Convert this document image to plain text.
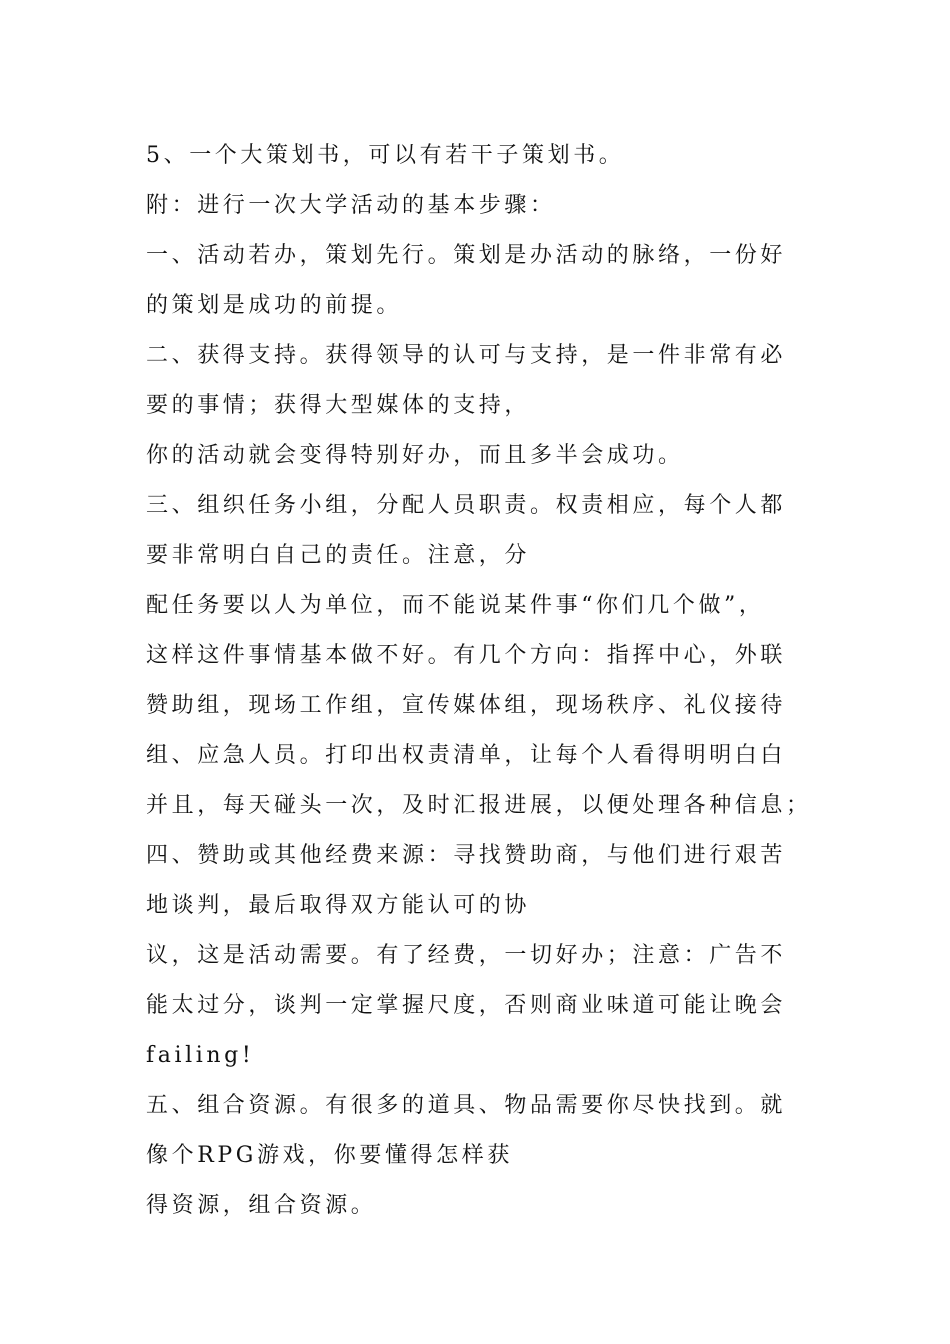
5、一个大策划书，可以有若干子策划书。
附：进行一次大学活动的基本步骤：
一、活动若办，策划先行。策划是办活动的脉络，一份好
的策划是成功的前提。
二、获得支持。获得领导的认可与支持，是一件非常有必
要的事情；获得大型媒体的支持，
你的活动就会变得特别好办，而且多半会成功。
三、组织任务小组，分配人员职责。权责相应，每个人都
要非常明白自己的责任。注意，分
配任务要以人为单位，而不能说某件事“你们几个做”，
这样这件事情基本做不好。有几个方向：指挥中心，外联
赞助组，现场工作组，宣传媒体组，现场秩序、礼仪接待
组、应急人员。打印出权责清单，让每个人看得明明白白
并且，每天碰头一次，及时汇报进展，以便处理各种信息；
四、赞助或其他经费来源：寻找赞助商，与他们进行艰苦
地谈判，最后取得双方能认可的协
议，这是活动需要。有了经费，一切好办；注意：广告不
能太过分，谈判一定掌握尺度，否则商业味道可能让晚会
failing!
五、组合资源。有很多的道具、物品需要你尽快找到。就
像个RPG游戏，你要懂得怎样获
得资源，组合资源。
